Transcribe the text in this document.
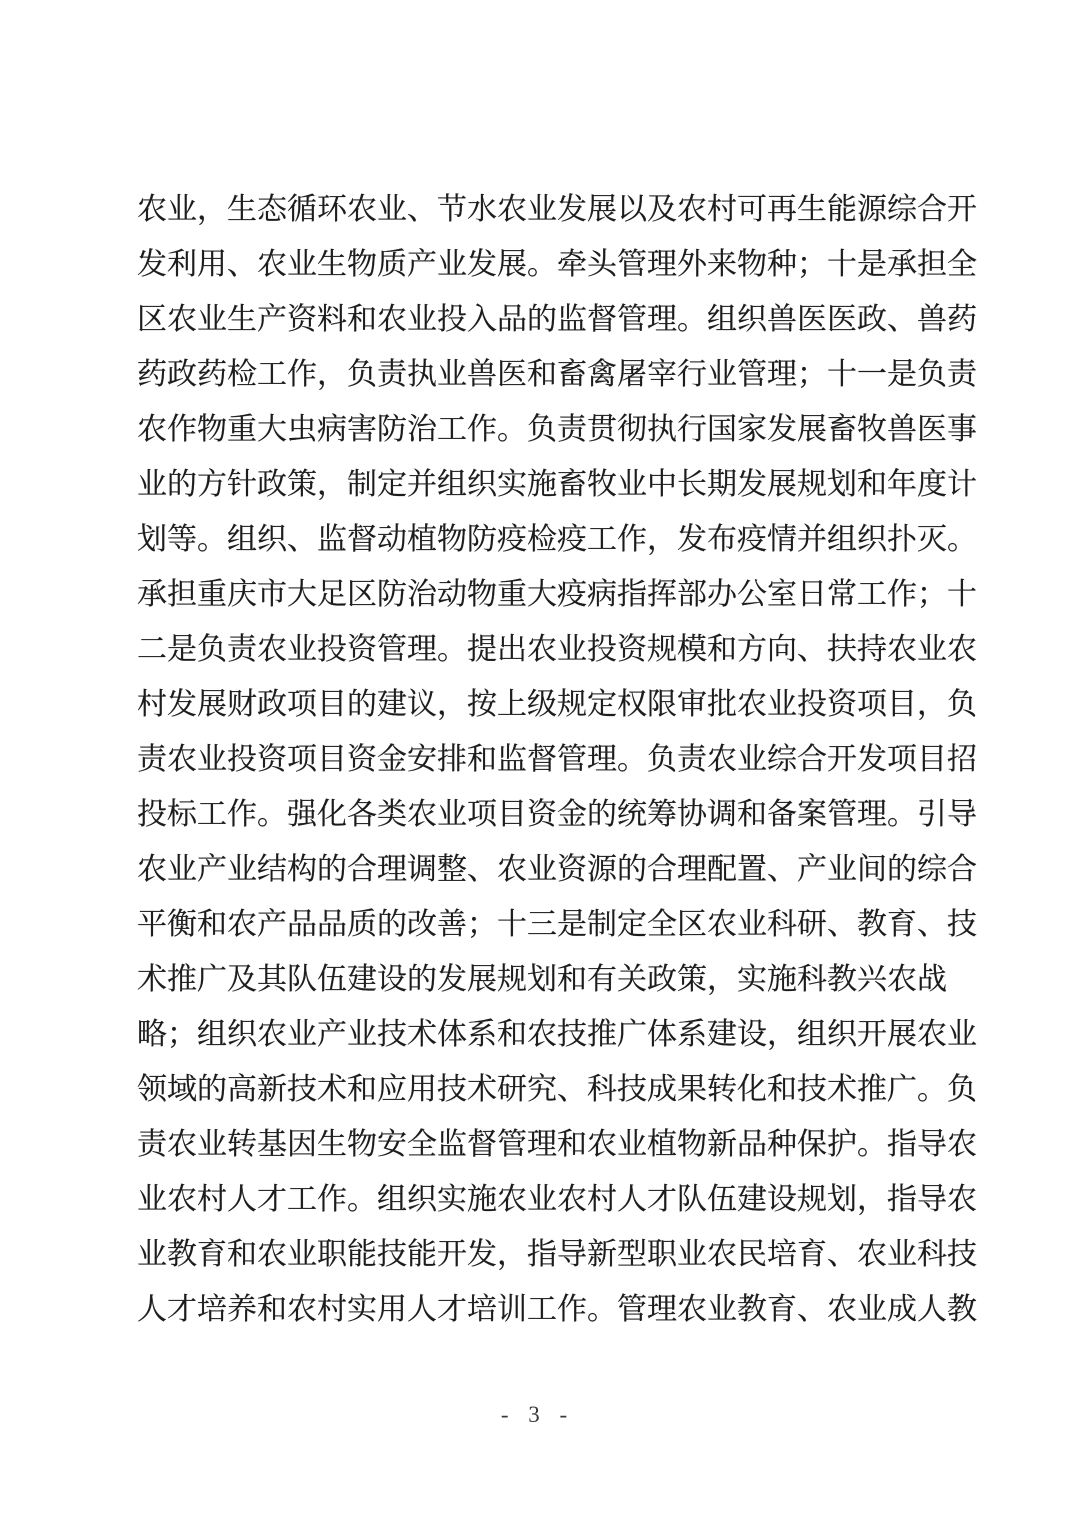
农业，生态循环农业、节水农业发展以及农村可再生能源综合开
发利用、农业生物质产业发展。牵头管理外来物种；十是承担全
区农业生产资料和农业投入品的监督管理。组织兽医医政、兽药
药政药检工作，负责执业兽医和畜禽屠宰行业管理；十一是负责
农作物重大虫病害防治工作。负责贯彻执行国家发展畜牧兽医事
业的方针政策，制定并组织实施畜牧业中长期发展规划和年度计
划等。组织、监督动植物防疫检疫工作，发布疫情并组织扑灭。
承担重庆市大足区防治动物重大疫病指挥部办公室日常工作；十
二是负责农业投资管理。提出农业投资规模和方向、扶持农业农
村发展财政项目的建议，按上级规定权限审批农业投资项目，负
责农业投资项目资金安排和监督管理。负责农业综合开发项目招
投标工作。强化各类农业项目资金的统筹协调和备案管理。引导
农业产业结构的合理调整、农业资源的合理配置、产业间的综合
平衡和农产品品质的改善；十三是制定全区农业科研、教育、技
术推广及其队伍建设的发展规划和有关政策，实施科教兴农战
略；组织农业产业技术体系和农技推广体系建设，组织开展农业
领域的高新技术和应用技术研究、科技成果转化和技术推广。负
责农业转基因生物安全监督管理和农业植物新品种保护。指导农
业农村人才工作。组织实施农业农村人才队伍建设规划，指导农
业教育和农业职能技能开发，指导新型职业农民培育、农业科技
人才培养和农村实用人才培训工作。管理农业教育、农业成人教
- 3 -
